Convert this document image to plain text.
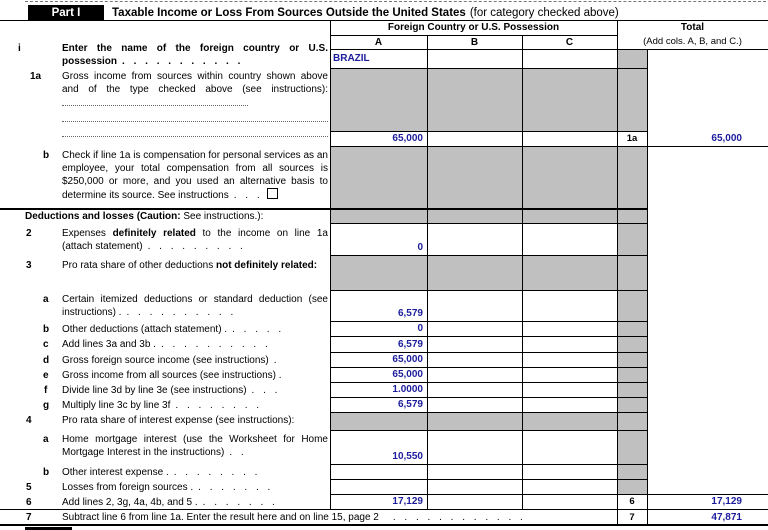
Part I	Taxable Income or Loss From Sources Outside the United States (for category checked above)
Foreign Country or U.S. Possession
A	B	C
Total
(Add cols. A, B, and C.)
i	Enter the name of the foreign country or U.S. possession . . . . . . . . . . .	BRAZIL
1a Gross income from sources within country shown above and of the type checked above (see instructions):
65,000	1a	65,000
b Check if line 1a is compensation for personal services as an employee, your total compensation from all sources is $250,000 or more, and you used an alternative basis to determine its source. See instructions . . .
Deductions and losses (Caution: See instructions.):
2	Expenses definitely related to the income on line 1a (attach statement) . . . . . . . . .	0
3	Pro rata share of other deductions not definitely related:
a Certain itemized deductions or standard deduction (see instructions) . . . . . . . . . . .	6,579
b Other deductions (attach statement) . . . . . .	0
c Add lines 3a and 3b . . . . . . . . . . .	6,579
d Gross foreign source income (see instructions) .	65,000
e Gross income from all sources (see instructions) .	65,000
f Divide line 3d by line 3e (see instructions) . . .	1.0000
g Multiply line 3c by line 3f . . . . . . . .	6,579
4	Pro rata share of interest expense (see instructions):
a Home mortgage interest (use the Worksheet for Home Mortgage Interest in the instructions) . .	10,550
b Other interest expense . . . . . . . . .
5	Losses from foreign sources . . . . . . . .
6	Add lines 2, 3g, 4a, 4b, and 5 . . . . . . . .	17,129	6	17,129
7	Subtract line 6 from line 1a. Enter the result here and on line 15, page 2 . . . . . . . . . . . .	7	47,871
